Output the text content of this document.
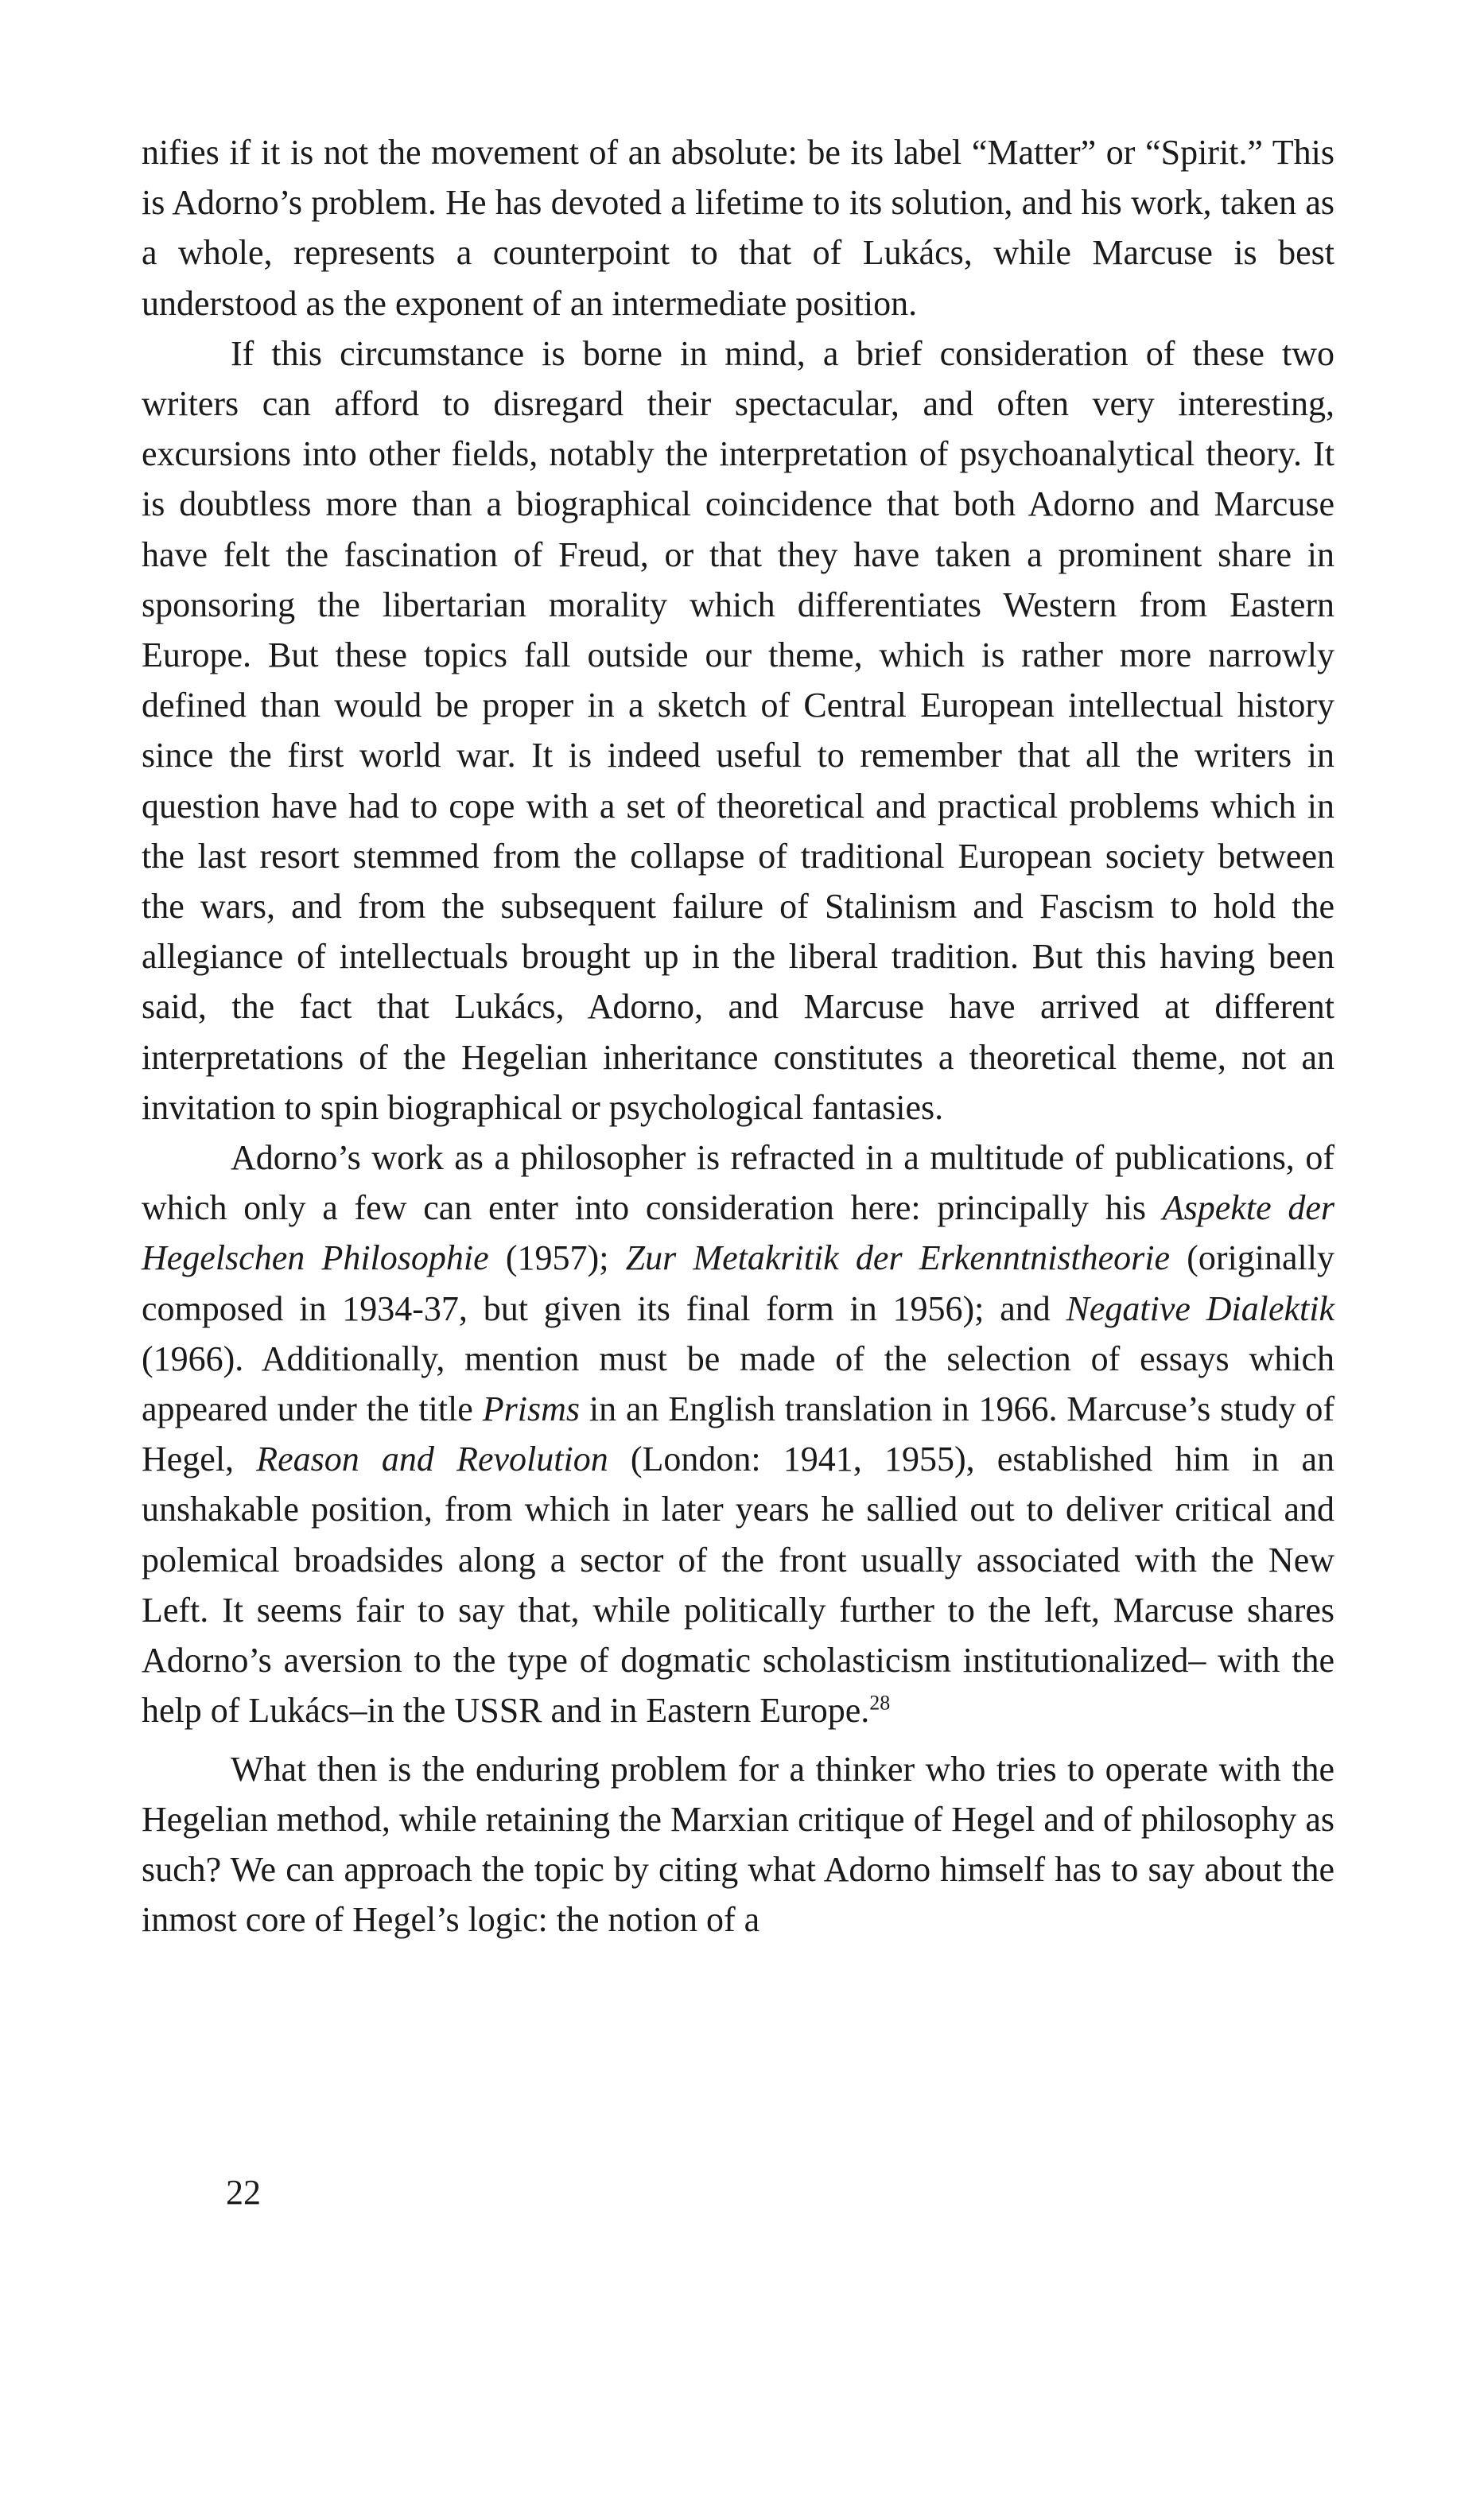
nifies if it is not the movement of an absolute: be its label “Matter” or “Spirit.” This is Adorno’s problem. He has devoted a lifetime to its solution, and his work, taken as a whole, represents a counterpoint to that of Lukács, while Marcuse is best understood as the exponent of an intermediate position.

If this circumstance is borne in mind, a brief consideration of these two writers can afford to disregard their spectacular, and often very interesting, excursions into other fields, notably the interpretation of psychoanalytical theory. It is doubtless more than a biographical coincidence that both Adorno and Marcuse have felt the fascination of Freud, or that they have taken a prominent share in sponsoring the libertarian morality which differentiates Western from Eastern Europe. But these topics fall outside our theme, which is rather more narrowly defined than would be proper in a sketch of Central European intellectual history since the first world war. It is indeed useful to remember that all the writers in question have had to cope with a set of theoretical and practical problems which in the last resort stemmed from the collapse of traditional European society between the wars, and from the subsequent failure of Stalinism and Fascism to hold the allegiance of intellectuals brought up in the liberal tradition. But this having been said, the fact that Lukács, Adorno, and Marcuse have arrived at different interpretations of the Hegelian inheritance constitutes a theoretical theme, not an invitation to spin biographical or psychological fantasies.

Adorno’s work as a philosopher is refracted in a multitude of publications, of which only a few can enter into consideration here: principally his Aspekte der Hegelschen Philosophie (1957); Zur Metakritik der Erkenntnistheorie (originally composed in 1934-37, but given its final form in 1956); and Negative Dialektik (1966). Additionally, mention must be made of the selection of essays which appeared under the title Prisms in an English translation in 1966. Marcuse’s study of Hegel, Reason and Revolution (London: 1941, 1955), established him in an unshakable position, from which in later years he sallied out to deliver critical and polemical broadsides along a sector of the front usually associated with the New Left. It seems fair to say that, while politically further to the left, Marcuse shares Adorno’s aversion to the type of dogmatic scholasticism institutionalized– with the help of Lukács–in the USSR and in Eastern Europe.$^{28}$

What then is the enduring problem for a thinker who tries to operate with the Hegelian method, while retaining the Marxian critique of Hegel and of philosophy as such? We can approach the topic by citing what Adorno himself has to say about the inmost core of Hegel’s logic: the notion of a

22
